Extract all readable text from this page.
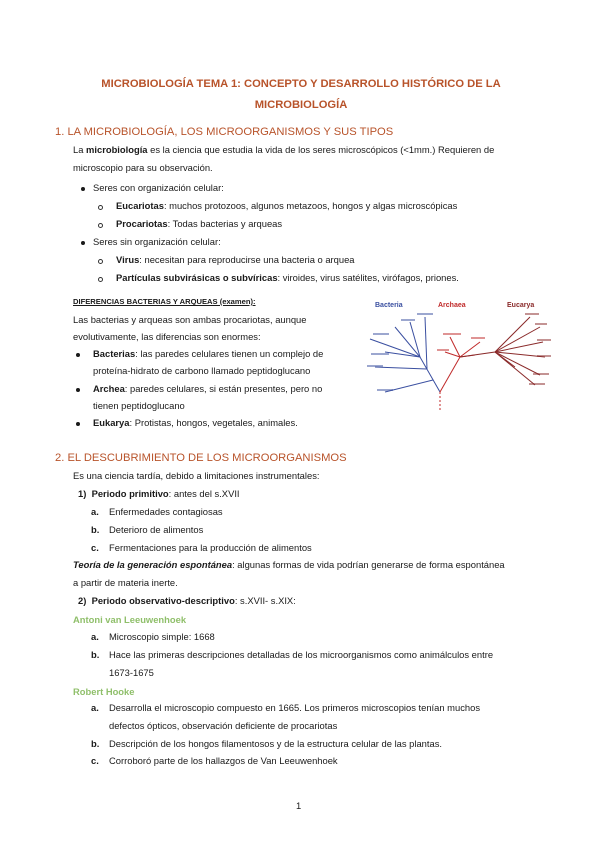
MICROBIOLOGÍA TEMA 1: CONCEPTO Y DESARROLLO HISTÓRICO DE LA MICROBIOLOGÍA
1. LA MICROBIOLOGÍA, LOS MICROORGANISMOS Y SUS TIPOS
La microbiología es la ciencia que estudia la vida de los seres microscópicos (<1mm.) Requieren de
microscopio para su observación.
Seres con organización celular:
Eucariotas: muchos protozoos, algunos metazoos, hongos y algas microscópicas
Procariotas: Todas bacterias y arqueas
Seres sin organización celular:
Virus: necesitan para reproducirse una bacteria o arquea
Partículas subvirásicas o subvíricas: viroides, virus satélites, virófagos, priones.
DIFERENCIAS BACTERIAS Y ARQUEAS (examen):
Las bacterias y arqueas son ambas procariotas, aunque
evolutivamente, las diferencias son enormes:
Bacterias: las paredes celulares tienen un complejo de
proteína-hidrato de carbono llamado peptidoglucano
Archea: paredes celulares, si están presentes, pero no
tienen peptidoglucano
Eukarya: Protistas, hongos, vegetales, animales.
Bacteria	Archaea	Eucarya
2. EL DESCUBRIMIENTO DE LOS MICROORGANISMOS
Es una ciencia tardía, debido a limitaciones instrumentales:
1) Periodo primitivo: antes del s.XVII
a. Enfermedades contagiosas
b. Deterioro de alimentos
c. Fermentaciones para la producción de alimentos
Teoría de la generación espontánea: algunas formas de vida podrían generarse de forma espontánea
a partir de materia inerte.
2) Periodo observativo-descriptivo: s.XVII- s.XIX:
Antoni van Leeuwenhoek
a. Microscopio simple: 1668
b. Hace las primeras descripciones detalladas de los microorganismos como animálculos entre
1673-1675
Robert Hooke
a. Desarrolla el microscopio compuesto en 1665. Los primeros microscopios tenían muchos
defectos ópticos, observación deficiente de procariotas
b. Descripción de los hongos filamentosos y de la estructura celular de las plantas.
c. Corroboró parte de los hallazgos de Van Leeuwenhoek
1
